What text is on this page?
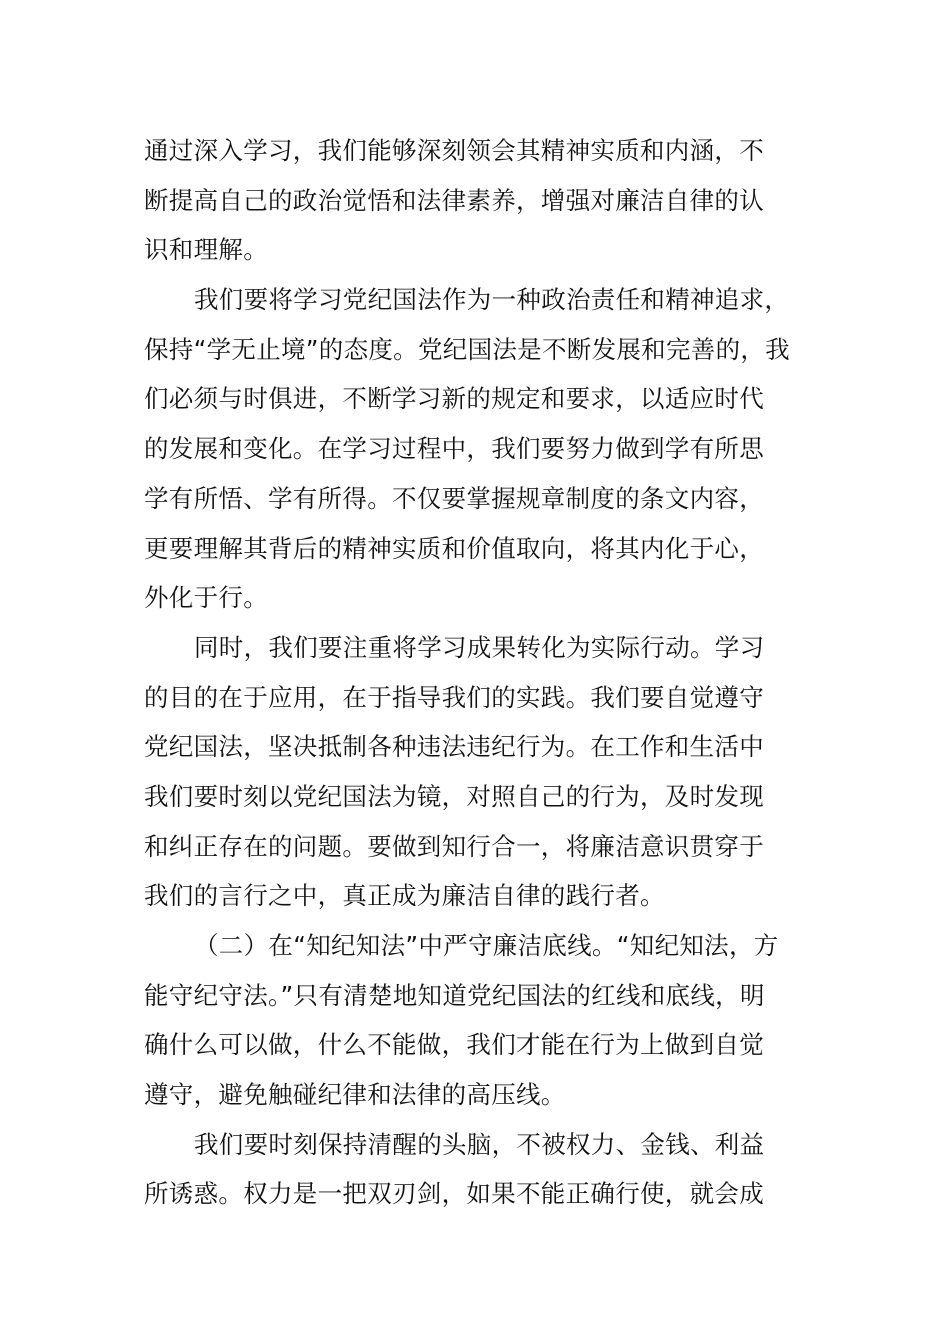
通过深入学习，我们能够深刻领会其精神实质和内涵，不
断提高自己的政治觉悟和法律素养，增强对廉洁自律的认
识和理解。
我们要将学习党纪国法作为一种政治责任和精神追求，
保持“学无止境”的态度。党纪国法是不断发展和完善的，我
们必须与时俱进，不断学习新的规定和要求，以适应时代
的发展和变化。在学习过程中，我们要努力做到学有所思
学有所悟、学有所得。不仅要掌握规章制度的条文内容，
更要理解其背后的精神实质和价值取向，将其内化于心，
外化于行。
同时，我们要注重将学习成果转化为实际行动。学习
的目的在于应用，在于指导我们的实践。我们要自觉遵守
党纪国法，坚决抵制各种违法违纪行为。在工作和生活中
我们要时刻以党纪国法为镜，对照自己的行为，及时发现
和纠正存在的问题。要做到知行合一，将廉洁意识贯穿于
我们的言行之中，真正成为廉洁自律的践行者。
（二）在“知纪知法”中严守廉洁底线。“知纪知法，方
能守纪守法。”只有清楚地知道党纪国法的红线和底线，明
确什么可以做，什么不能做，我们才能在行为上做到自觉
遵守，避免触碰纪律和法律的高压线。
我们要时刻保持清醒的头脑，不被权力、金钱、利益
所诱惑。权力是一把双刃剑，如果不能正确行使，就会成
